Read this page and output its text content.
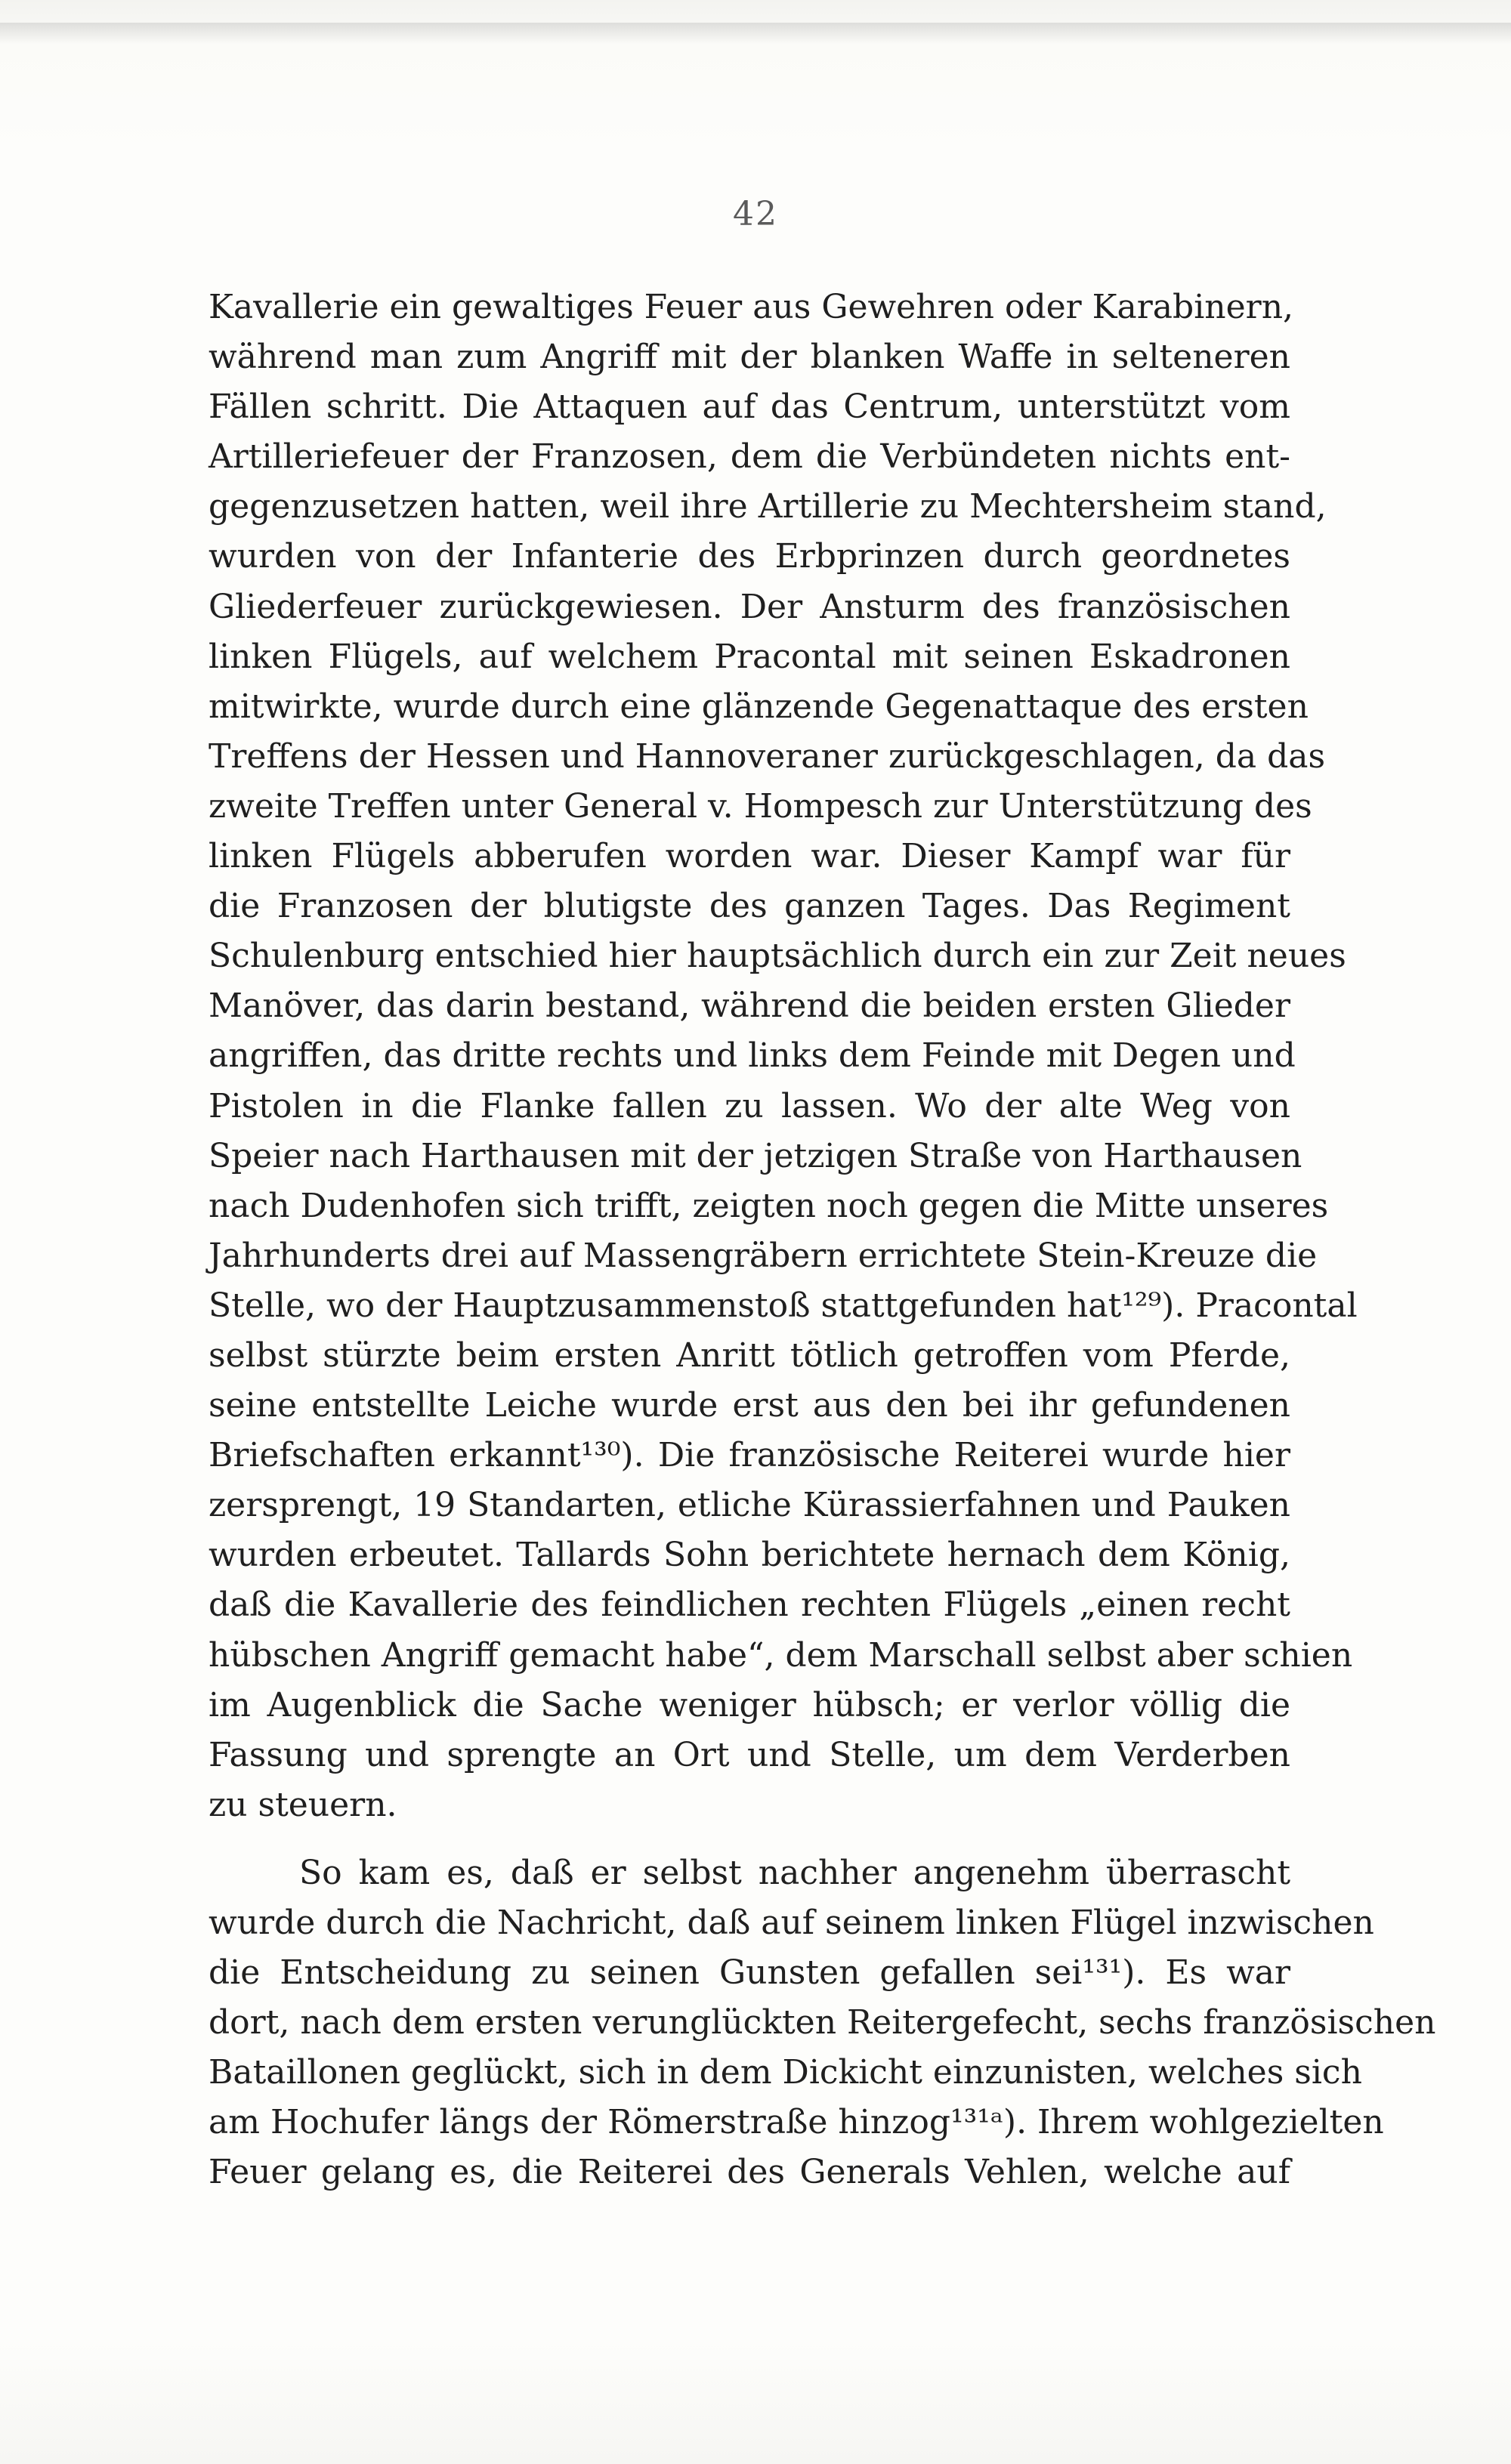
42
Kavallerie ein gewaltiges Feuer aus Gewehren oder Karabinern,
während man zum Angriff mit der blanken Waffe in selteneren
Fällen schritt. Die Attaquen auf das Centrum, unterstützt vom
Artilleriefeuer der Franzosen, dem die Verbündeten nichts ent-
gegenzusetzen hatten, weil ihre Artillerie zu Mechtersheim stand,
wurden von der Infanterie des Erbprinzen durch geordnetes
Gliederfeuer zurückgewiesen. Der Ansturm des französischen
linken Flügels, auf welchem Pracontal mit seinen Eskadronen
mitwirkte, wurde durch eine glänzende Gegenattaque des ersten
Treffens der Hessen und Hannoveraner zurückgeschlagen, da das
zweite Treffen unter General v. Hompesch zur Unterstützung des
linken Flügels abberufen worden war. Dieser Kampf war für
die Franzosen der blutigste des ganzen Tages. Das Regiment
Schulenburg entschied hier hauptsächlich durch ein zur Zeit neues
Manöver, das darin bestand, während die beiden ersten Glieder
angriffen, das dritte rechts und links dem Feinde mit Degen und
Pistolen in die Flanke fallen zu lassen. Wo der alte Weg von
Speier nach Harthausen mit der jetzigen Straße von Harthausen
nach Dudenhofen sich trifft, zeigten noch gegen die Mitte unseres
Jahrhunderts drei auf Massengräbern errichtete Stein-Kreuze die
Stelle, wo der Hauptzusammenstoß stattgefunden hat¹²⁹). Pracontal
selbst stürzte beim ersten Anritt tötlich getroffen vom Pferde,
seine entstellte Leiche wurde erst aus den bei ihr gefundenen
Briefschaften erkannt¹³⁰). Die französische Reiterei wurde hier
zersprengt, 19 Standarten, etliche Kürassierfahnen und Pauken
wurden erbeutet. Tallards Sohn berichtete hernach dem König,
daß die Kavallerie des feindlichen rechten Flügels „einen recht
hübschen Angriff gemacht habe“, dem Marschall selbst aber schien
im Augenblick die Sache weniger hübsch; er verlor völlig die
Fassung und sprengte an Ort und Stelle, um dem Verderben
zu steuern.
So kam es, daß er selbst nachher angenehm überrascht
wurde durch die Nachricht, daß auf seinem linken Flügel inzwischen
die Entscheidung zu seinen Gunsten gefallen sei¹³¹). Es war
dort, nach dem ersten verunglückten Reitergefecht, sechs französischen
Bataillonen geglückt, sich in dem Dickicht einzunisten, welches sich
am Hochufer längs der Römerstraße hinzog¹³¹ᵃ). Ihrem wohlgezielten
Feuer gelang es, die Reiterei des Generals Vehlen, welche auf
